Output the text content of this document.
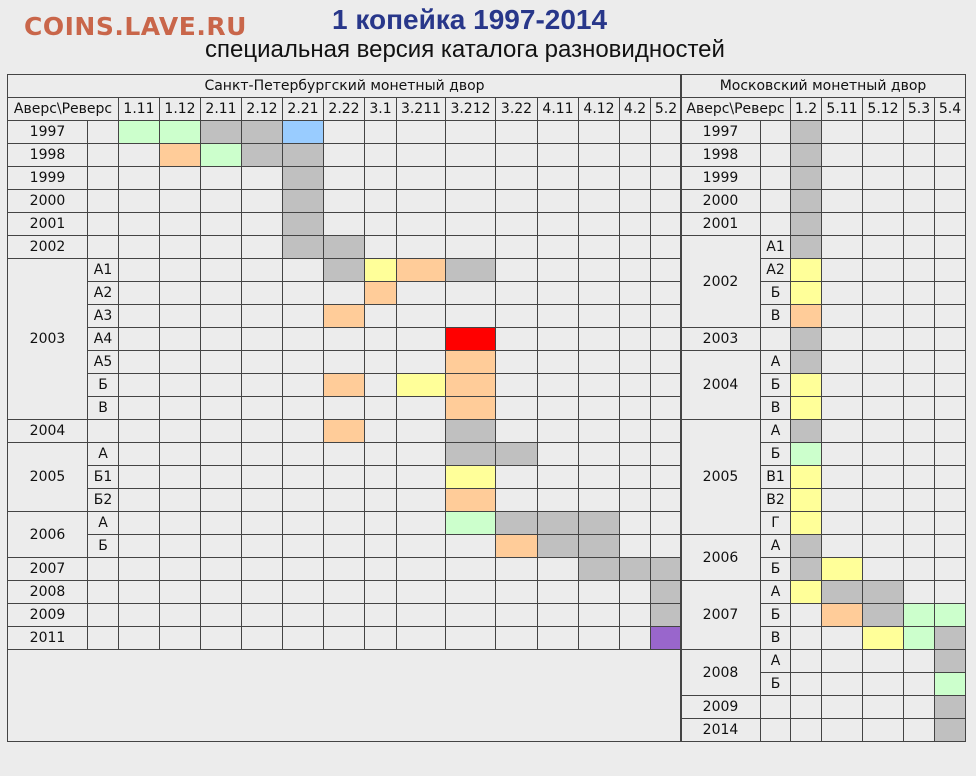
COINS.LAVE.RU	1 копейка 1997-2014
специальная версия каталога разновидностей
Санкт-Петербургский монетный двор															
Аверс\Реверс		1.11	1.12	2.11	2.12	2.21	2.22	3.1	3.211	3.212	3.22	4.11	4.12	4.2	5.2
1997															
1998															
1999															
2000															
2001															
2002															
2003	А1														
	А2														
	А3														
	А4														
	А5														
	Б														
	В														
2004															
2005	А														
	Б1														
	Б2														
2006	А														
	Б														
2007															
2008															
2009															
2011															

Московский монетный двор						
Аверс\Реверс		1.2	5.11	5.12	5.3	5.4
1997						
1998						
1999						
2000						
2001						
2002	А1					
	А2					
	Б					
	В					
2003						
2004	А					
	Б					
	В					
2005	А					
	Б					
	В1					
	В2					
	Г					
2006	А					
	Б					
2007	А					
	Б					
	В					
2008	А					
	Б					
2009						
2014						
